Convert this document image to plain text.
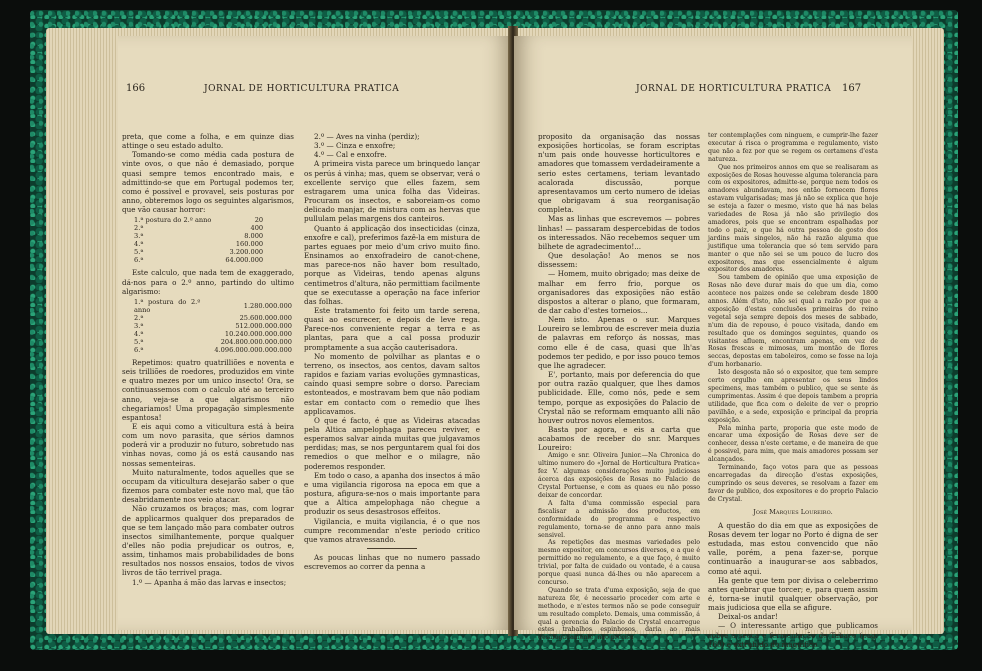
166	JORNAL DE HORTICULTURA PRATICA

preta, que come a folha, e em quinze dias attinge o seu estado adulto.

Tomando-se como média cada postura de vinte ovos, o que não é demasiado, porque quasi sempre temos encontrado mais, e admittindo-se que em Portugal podemos ter, como é possivel e provavel, seis posturas por anno, obteremos logo os seguintes algarismos, que vão causar horror:

1.ª postura do 2.º anno	20
2.ª	400
3.ª	8.000
4.ª	160.000
5.ª	3.200.000
6.ª	64.000.000

Este calculo, que nada tem de exaggerado, dá-nos para o 2.º anno, partindo do ultimo algarismo:

1.ª postura do 2.º anno	1.280.000.000
2.ª	25.600.000.000
3.ª	512.000.000.000
4.ª	10.240.000.000.000
5.ª	204.800.000.000.000
6.ª	4.096.000.000.000.000

Repetimos: quatro quatrilliões e noventa e seis trilliões de roedores, produzidos em vinte e quatro mezes por um unico insecto! Ora, se continuassemos com o calculo até ao terceiro anno, veja-se a que algarismos não chegariamos! Uma propagação simplesmente espantosa!

E eis aqui como a viticultura está à beira com um novo parasita, que sérios damnos poderá vir a produzir no futuro, sobretudo nas vinhas novas, como já os está causando nas nossas sementeiras.

Muito naturalmente, todos aquelles que se occupam da viticultura desejarão saber o que fizemos para combater este novo mal, que tão desabridamente nos veio atacar.

Não cruzamos os braços; mas, com lograr de applicarmos qualquer dos preparados de que se tem lançado mão para combater outros insectos similhantemente, porque qualquer d'elles não podia prejudicar os outros, e, assim, tinhamos mais probabilidades de bons resultados nos nossos ensaios, todos de vivos livros de tão terrivel praga.

1.º — Apanha á mão das larvas e insectos;

2.º — Aves na vinha (perdiz);

3.º — Cinza e enxofre;

4.º — Cal e enxofre.

A primeira vista parece um brinquedo lançar os perús á vinha; mas, quem se observar, verá o excellente serviço que elles fazem, sem estragarem uma unica folha das Videiras. Procuram os insectos, e saboreiam-os como delicado manjar, de mistura com as hervas que pullulam pelas margens dos canteiros.

Quanto á applicação dos insecticidas (cinza, enxofre e cal), preferimos fazê-la em mistura de partes eguaes por meio d'um crivo muito fino. Ensinamos ao enxofradeiro de canot-chene, mas parece-nos não haver bom resultado, porque as Videiras, tendo apenas alguns centimetros d'altura, não permittiam facilmente que se executasse a operação na face inferior das folhas.

Este tratamento foi feito um tarde serena, quasi ao escurecer, e depois de leve rega. Parece-nos conveniente regar a terra e as plantas, para que a cal possa produzir promptamente a sua acção cauterisadora.

No momento de polvilhar as plantas e o terreno, os insectos, aos centos, davam saltos rapidos e faziam varias evoluções gymnasticas, caíndo quasi sempre sobre o dorso. Pareciam estontеados, e mostravam bem que não podiam estar em contacto com o remedio que lhes applicavamos.

O que é facto, é que as Videiras atacadas pela Altica ampelophaga pareceu reviver, e esperamos salvar ainda muitas que julgavamos perdidas; mas, se nos perguntarem qual foi dos remedios o que melhor e o milagre, não poderemos responder.

Em todo o caso, a apanha dos insectos á mão e uma vigilancia rigorosa na epoca em que a postura, afigura-se-nos o mais importante para que a Altica ampelophaga não chegue a produzir os seus desastrosos effeitos.

Vigilancia, e muita vigilancia, é o que nos cumpre recommendar n'este periodo critico que vamos atravessando.

As poucas linhas que no numero passado escrevemos ao correr da penna a

JORNAL DE HORTICULTURA PRATICA 167

proposito da organisação das nossas exposições horticolas, se foram escriptas n'um pais onde houvesse horticultores e amadores que tomassem verdadeiramente a serio estes certamens, teriam levantado acalorada discussão, porque apresentavamos um certo numero de ideias que obrigavam á sua reorganisação completa.

Mas as linhas que escrevemos — pobres linhas! — passaram despercebidas de todos os interessados. Não recebemos sequer um bilhete de agradecimento!...

Que desolação! Ao menos se nos dissessem:

— Homem, muito obrigado; mas deixe de malhar em ferro frio, porque os organisadores das exposições não estão dispostos a alterar o plano, que formaram, de dar cabo d'estes torneios...

Nem isto. Apenas o sur. Marques Loureiro se lembrou de escrever meia duzia de palavras em reforço ás nossas, mas como elle é de casa, quasi que lh'as podemos ter pedido, e por isso pouco temos que lhe agradecer.

E', portanto, mais por deferencia do que por outra razão qualquer, que lhes damos publicidade. Elle, como nós, pede e sem tempo, porque as exposições do Palacio de Crystal não se reformam emquanto alli não houver outros novos elementos.

Basta por agora, e eis a carta que acabamos de receber do snr. Marques Loureiro:

Amigo e snr. Oliveira Junior.—Na Chronica do ultimo numero do «Jornal de Horticultura Pratica» fez V. algumas considerações muito judiciosas ácerca das exposições de Rosas no Palacio de Crystal Portuense, e com as quaes eu não posso deixar de concordar.

A falta d'uma commissão especial para fiscalisar a admissão dos productos, em conformidade do programma e respectivo regulamento, torna-se de anno para anno mais sensivel.

As repetições das mesmas variedades pelo mesmo expositor, em concursos diversos, e a que é permittido no regulamento, e a que faço, é muito trivial, por falta de cuidado ou vontade, é a causa porque quasi nunca dá-lhes ou não aparecem a concurso.

Quando se trata d'uma exposição, seja de que natureza fôr, é necessario proceder com arte e methodo, e n'estes termos não se pode conseguir um resultado completo. Demais, uma commissão, á qual a gerencia do Palacio de Crystal encarregue estes trabalhos espinhosos, daria ao mais desafogadamente, não precisa

ter contemplações com ninguem, e cumprir-lhe fazer executar á risca o programma e regulamento, visto que não a fez por que se regem os certamens d'esta natureza.

Que nos primeiros annos em que se realisaram as exposições de Rosas houvesse alguma tolerancia para com os expositores, admitte-se, porque nem todos os amadores abundavam, nos então fornecem flores estavam vulgarisadas; mas já não se explica que hoje se esteja a fazer o mesmo, visto que há nas belas variedades de Rosa já não são privilegio dos amadores, pois que se encontram espalhadas por todo o paiz, e que há outra pessoa de gosto dos jardins mais singelos, não há razão alguma que justifique uma tolerancia que só tem servido para manter o que não sei se um pouco de lucro dos expositores, mas que essencialmente é algum expositor dos amadores.

Sou tambem de opinião que uma exposição de Rosas não deve durar mais do que um dia, como acontece nos paizes onde se celebram desde 1800 annos. Além d'isto, não sei qual a razão por que a exposição d'estas conclusões primeiras do reino vegetal seja sempre depois dos meses de sabbado, n'um dia de repouso, é pouco visitada, dando em resultado que os domingos seguintes, quando os visitantes afluem, encontram apenas, em vez de Rosas frescas e mimosas, um montão de flores seccas, depostas em taboleiros, como se fosse na loja d'um horbanario.

Isto desgosta não só o expositor, que tem sempre certo orgulho em apresentar os seus lindos specimens, mas também o publico, que se sente ás cumprimentas. Assim é que depois tambem a propria utilidade, que fica com o deleite de ver o proprio pavilhão, e a sede, exposição e principal da propria exposição.

Pela minha parte, proporia que este modo de encarar uma exposição de Rosas deve ser de conhecer, dessa n'este certame, e de maneira de que é possivel, para mim, que mais amadores possam ser alcançados.

Terminando, faço votos para que as pessoas encarregadas da direcção d'estas exposições, cumprindo os seus deveres, se resolvam a fazer em favor de publico, dos expositores e do proprio Palacio de Crystal.

José Marques Loureiro.

A questão do dia em que as exposições de Rosas devem ter logar no Porto é digna de ser estudada, mas estou convencido que não valle, porém, a pena fazer-se, porque continuarão a inaugurar-se aos sabbados, como até aqui.

Ha gente que tem por divisa o celeberrimo antes quebrar que torcer; e, para quem assim é, torna-se inutil qualquer observação, por mais judiciosa que ella se afigure.

Deixal-os andar!

— O interessante artigo que publicamos sobre a secca e fermentação de Tabaco (pag. 160) é extrahido do magnifico
